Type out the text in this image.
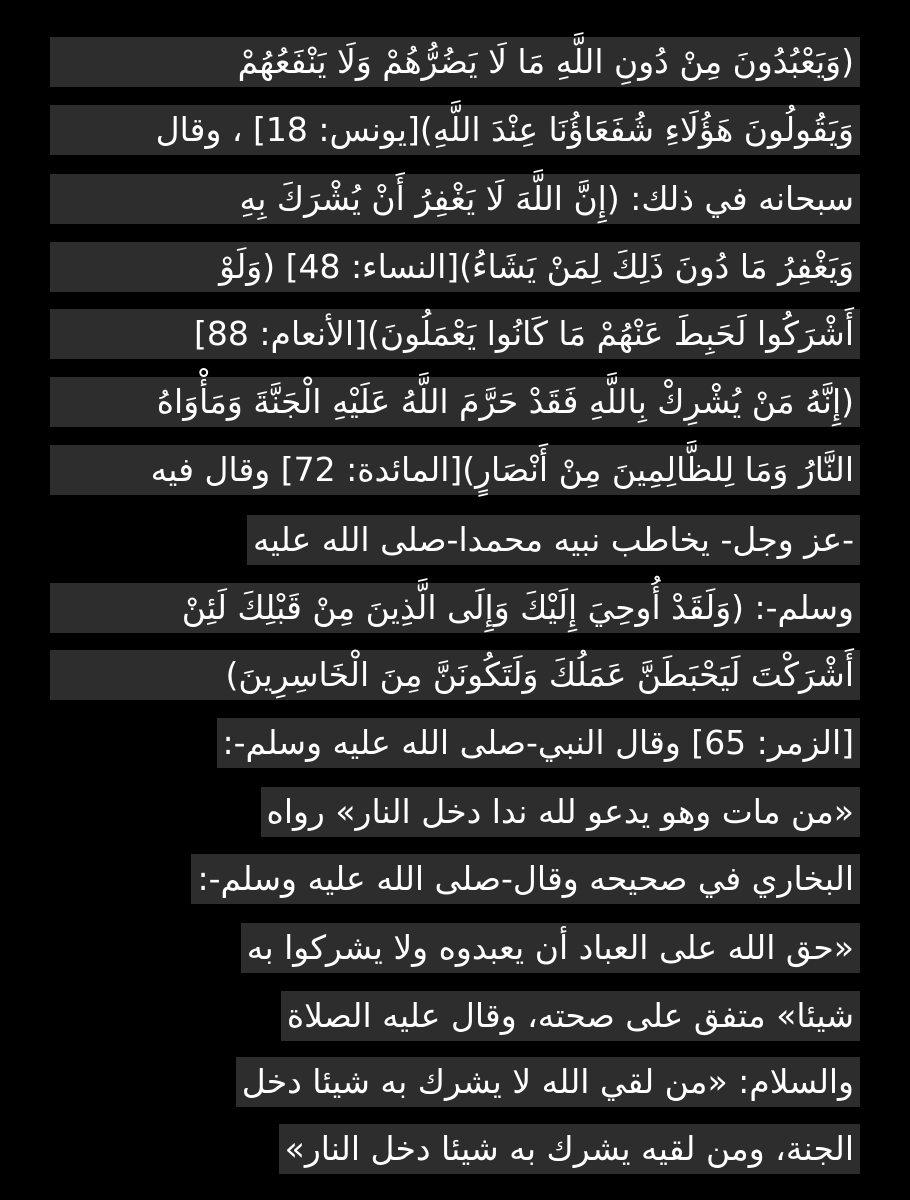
(وَيَعْبُدُونَ مِنْ دُونِ اللَّهِ مَا لَا يَضُرُّهُمْ وَلَا يَنْفَعُهُمْ
وَيَقُولُونَ هَؤُلَاءِ شُفَعَاؤُنَا عِنْدَ اللَّهِ)[يونس: 18] ، وقال
سبحانه في ذلك: (إِنَّ اللَّهَ لَا يَغْفِرُ أَنْ يُشْرَكَ بِهِ
وَيَغْفِرُ مَا دُونَ ذَلِكَ لِمَنْ يَشَاءُ)[النساء: 48] (وَلَوْ
أَشْرَكُوا لَحَبِطَ عَنْهُمْ مَا كَانُوا يَعْمَلُونَ)[الأنعام: 88]
(إِنَّهُ مَنْ يُشْرِكْ بِاللَّهِ فَقَدْ حَرَّمَ اللَّهُ عَلَيْهِ الْجَنَّةَ وَمَأْوَاهُ
النَّارُ وَمَا لِلظَّالِمِينَ مِنْ أَنْصَارٍ)[المائدة: 72] وقال فيه
-عز وجل- يخاطب نبيه محمدا-صلى الله عليه
وسلم-: (وَلَقَدْ أُوحِيَ إِلَيْكَ وَإِلَى الَّذِينَ مِنْ قَبْلِكَ لَئِنْ
أَشْرَكْتَ لَيَحْبَطَنَّ عَمَلُكَ وَلَتَكُونَنَّ مِنَ الْخَاسِرِينَ)
[الزمر: 65] وقال النبي-صلى الله عليه وسلم-:
«من مات وهو يدعو لله ندا دخل النار» رواه
البخاري في صحيحه وقال-صلى الله عليه وسلم-:
«حق الله على العباد أن يعبدوه ولا يشركوا به
شيئا» متفق على صحته، وقال عليه الصلاة
والسلام: «من لقي الله لا يشرك به شيئا دخل
الجنة، ومن لقيه يشرك به شيئا دخل النار»
